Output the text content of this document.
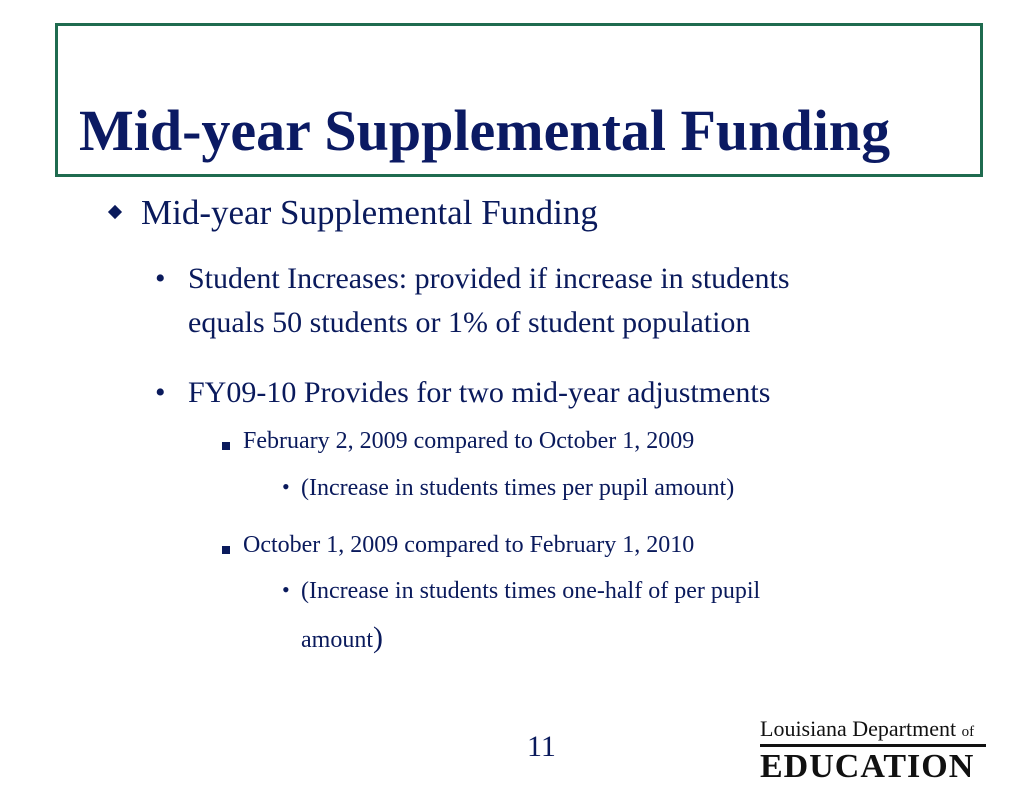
Mid-year Supplemental Funding
Mid-year Supplemental Funding
• Student Increases: provided if increase in students
equals 50 students or 1% of student population
• FY09-10 Provides for two mid-year adjustments
February 2, 2009 compared to October 1, 2009
• (Increase in students times per pupil amount)
October 1, 2009 compared to February 1, 2010
• (Increase in students times one-half of per pupil
amount)
11
Louisiana Department of
EDUCATION
